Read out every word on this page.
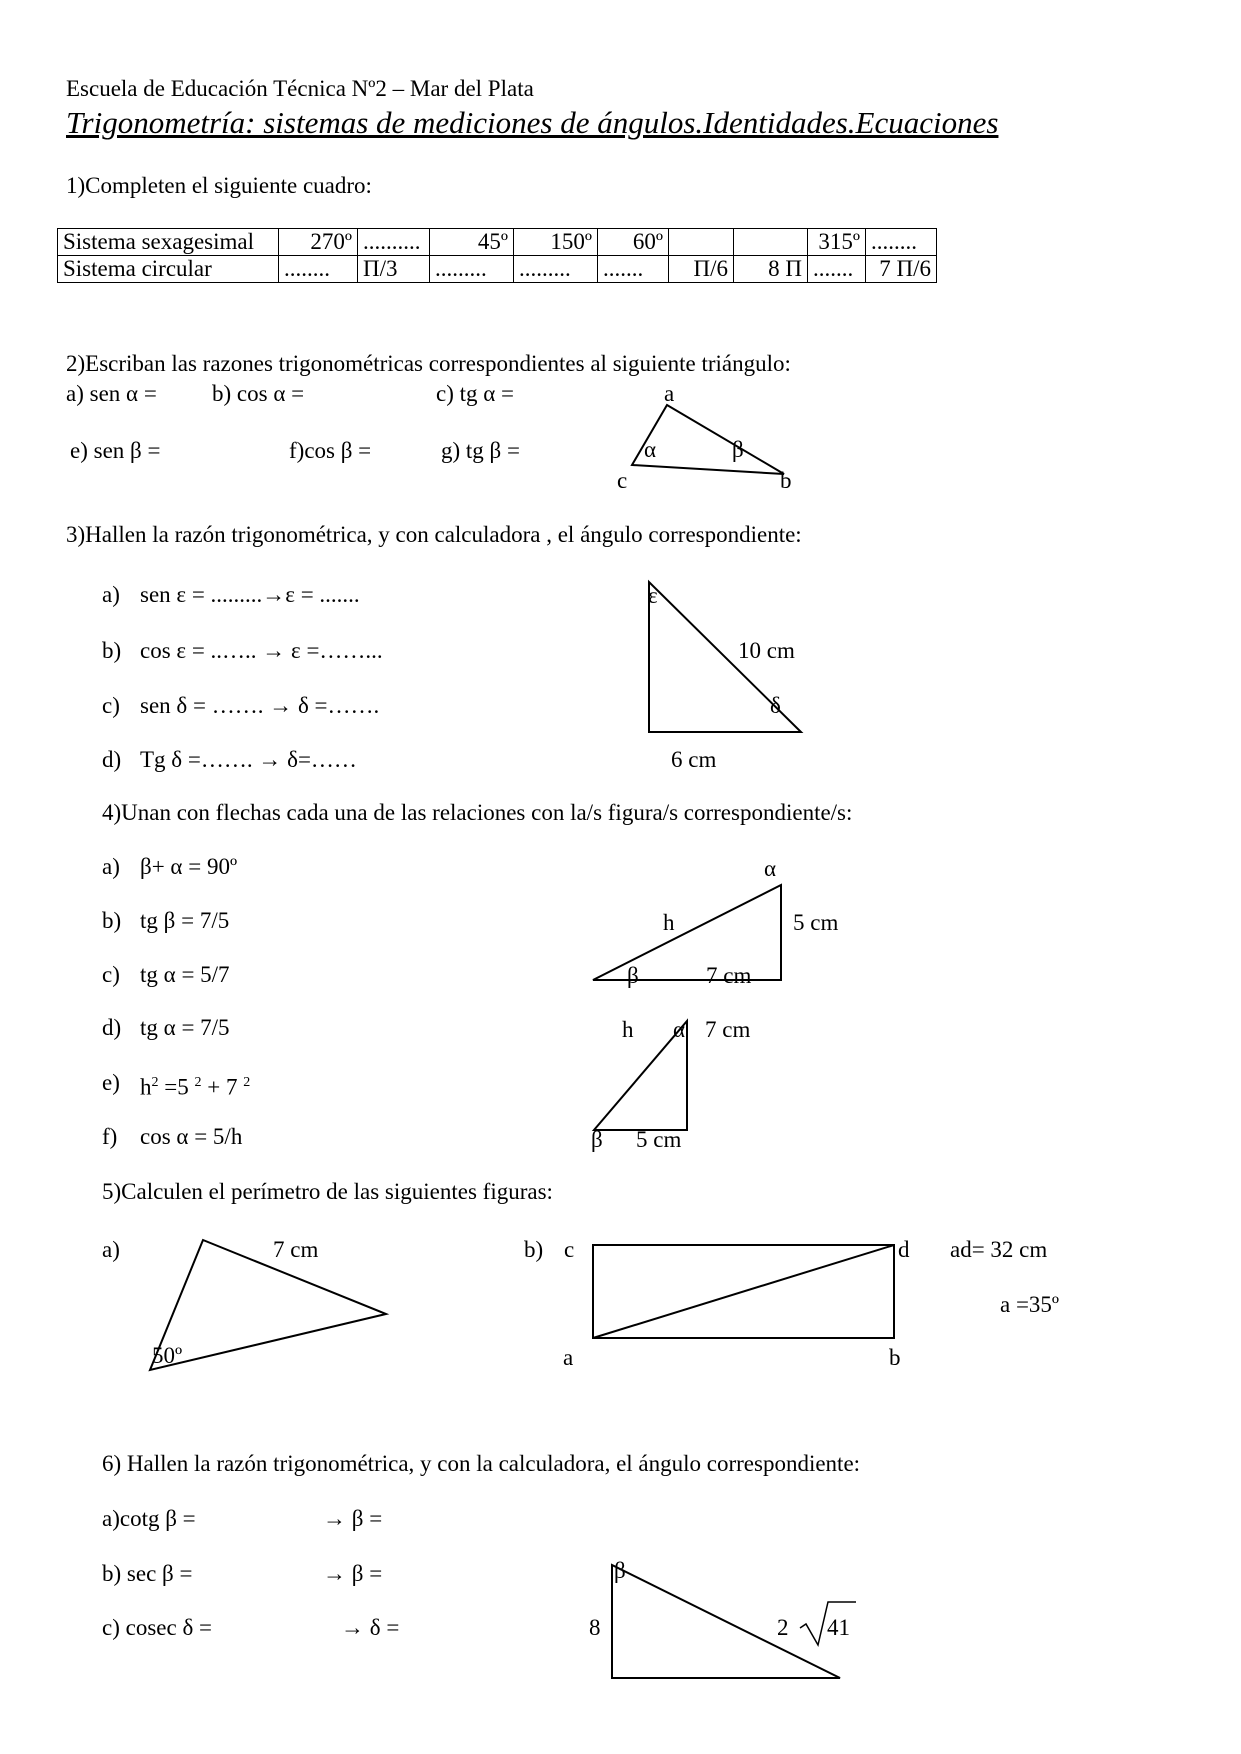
Escuela de Educación Técnica Nº2 – Mar del Plata
Trigonometría: sistemas de mediciones de ángulos.Identidades.Ecuaciones
1)Completen el siguiente cuadro:
Sistema sexagesimal	270º	..........	45º	150º	60º			315º	........
Sistema circular	........	Π/3	.........	.........	.......	Π/6	8 Π	.......	7 Π/6
2)Escriban las razones trigonométricas correspondientes al siguiente triángulo:
a) sen α = b) cos α =	c) tg α =
e) sen β =	f)cos β =	g) tg β =
a
α	β
c	b
3)Hallen la razón trigonométrica, y con calculadora , el ángulo correspondiente:
a) sen ε = .........→ε = .......
b) cos ε = ..….. → ε =……...
c) sen δ = ……. → δ =…….
d) Tg δ =……. → δ=……
ε
10 cm
δ
6 cm
4)Unan con flechas cada una de las relaciones con la/s figura/s correspondiente/s:
a) β+ α = 90º
b) tg β = 7/5
c) tg α = 5/7
d) tg α = 7/5
e) $h^2 =5$ $^2$ + 7 $^2$
f) cos α = 5/h
α
h	5 cm
β	7 cm
h α 7 cm
β 5 cm
5)Calculen el perímetro de las siguientes figuras:
a)	7 cm
50º
b) c	d ad= 32 cm
a =35º
a	b
6) Hallen la razón trigonométrica, y con la calculadora, el ángulo correspondiente:
a)cotg β =	→ β =
b) sec β =	→ β =
c) cosec δ =	→ δ =
β
8	2 41
